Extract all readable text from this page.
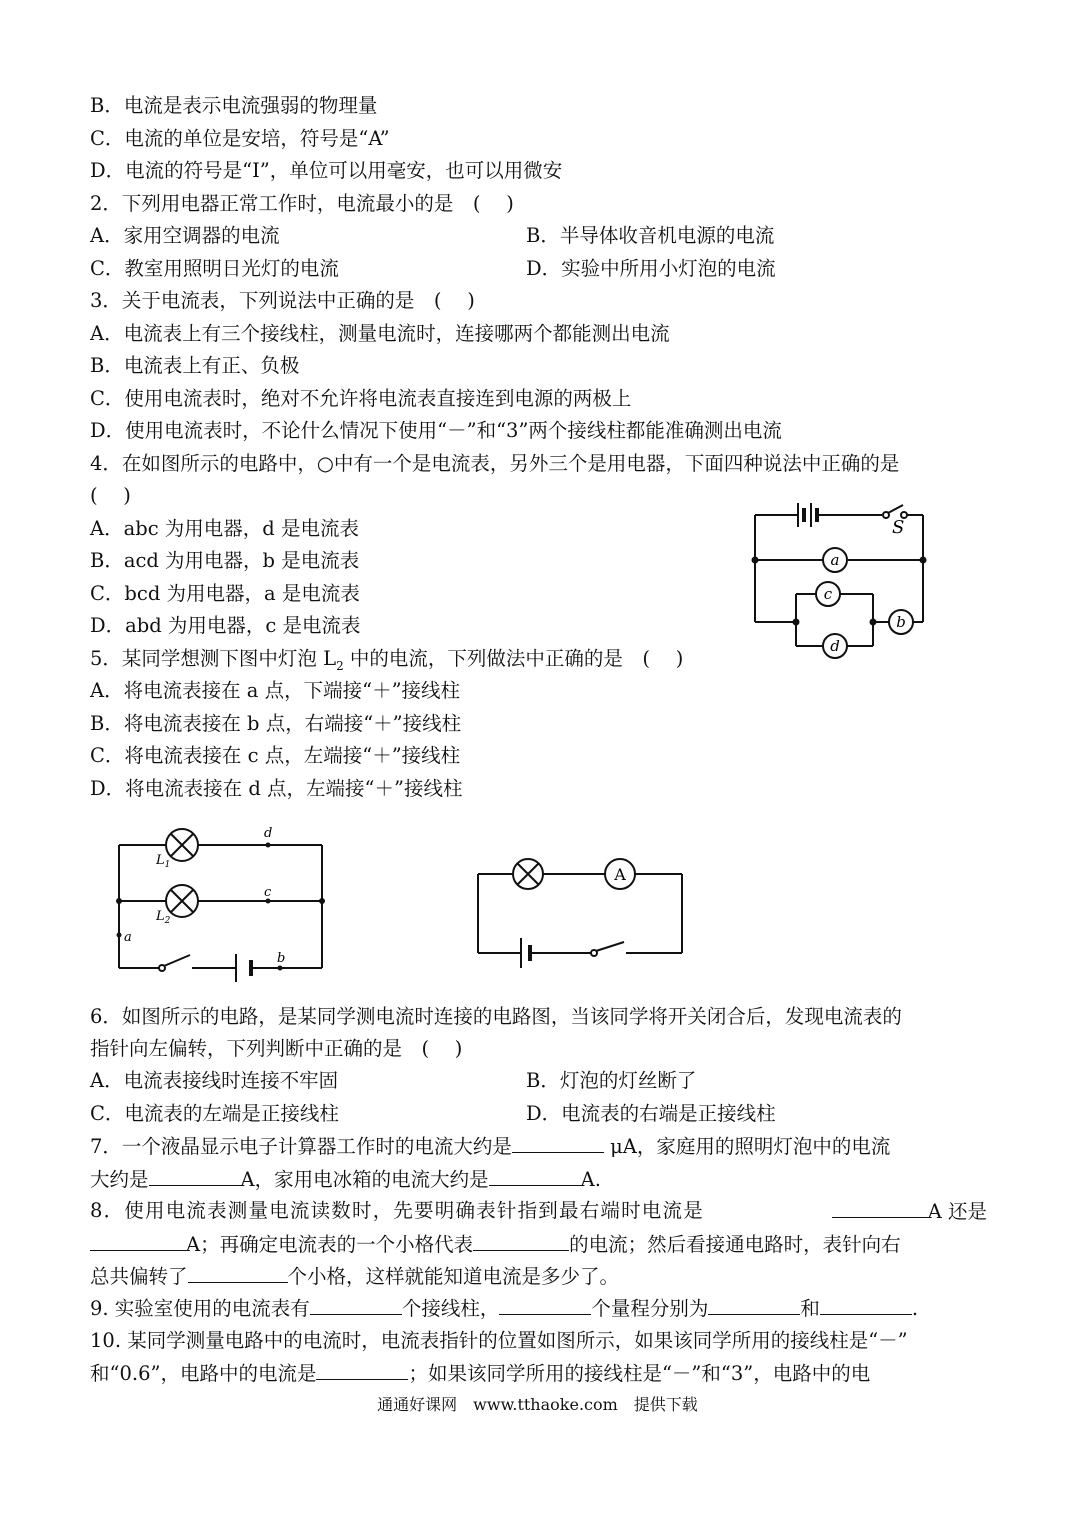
B．电流是表示电流强弱的物理量
C．电流的单位是安培，符号是“A”
D．电流的符号是“I”，单位可以用毫安，也可以用微安
2．下列用电器正常工作时，电流最小的是　(　 )
A．家用空调器的电流	B．半导体收音机电源的电流
C．教室用照明日光灯的电流	D．实验中所用小灯泡的电流
3．关于电流表，下列说法中正确的是　(　 )
A．电流表上有三个接线柱，测量电流时，连接哪两个都能测出电流
B．电流表上有正、负极
C．使用电流表时，绝对不允许将电流表直接连到电源的两极上
D．使用电流表时，不论什么情况下使用“－”和“3”两个接线柱都能准确测出电流
4．在如图所示的电路中，○中有一个是电流表，另外三个是用电器，下面四种说法中正确的是
(　 )
A．abc 为用电器，d 是电流表
B．acd 为用电器，b 是电流表
C．bcd 为用电器，a 是电流表
D．abd 为用电器，c 是电流表
S
a
c
d
b
5．某同学想测下图中灯泡 $L_2$ 中的电流，下列做法中正确的是　(　 )
A．将电流表接在 a 点，下端接“＋”接线柱
B．将电流表接在 b 点，右端接“＋”接线柱
C．将电流表接在 c 点，左端接“＋”接线柱
D．将电流表接在 d 点，左端接“＋”接线柱
d
c
a
b
$L_1$
$L_2$
A
6．如图所示的电路，是某同学测电流时连接的电路图，当该同学将开关闭合后，发现电流表的
指针向左偏转，下列判断中正确的是　(　 )
A．电流表接线时连接不牢固	B．灯泡的灯丝断了
C．电流表的左端是正接线柱	D．电流表的右端是正接线柱
7．一个液晶显示电子计算器工作时的电流大约是	μA，家庭用的照明灯泡中的电流
大约是	A，家用电冰箱的电流大约是	A.
8．使用电流表测量电流读数时，先要明确表针指到最右端时电流是	A 还是
A；再确定电流表的一个小格代表	的电流；然后看接通电路时，表针向右
总共偏转了	个小格，这样就能知道电流是多少了。
9. 实验室使用的电流表有	个接线柱，	个量程分别为	和	.
10. 某同学测量电路中的电流时，电流表指针的位置如图所示，如果该同学所用的接线柱是“－”
和“0.6”，电路中的电流是	；如果该同学所用的接线柱是“－”和“3”，电路中的电
通通好课网　www.tthaoke.com　提供下载
